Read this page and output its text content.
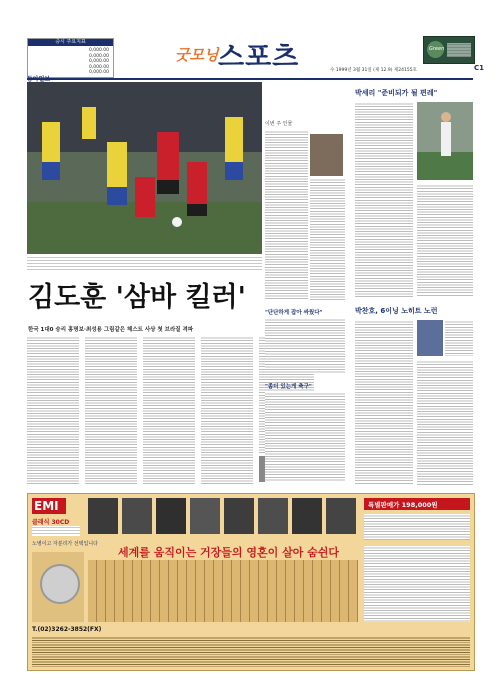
증시 주요지표
0,000.00
0,000.00
0,000.00
0,000.00
0,000.00
굿모닝 스포츠	Green
수 1999년 3월 31일 (제 12.9) 제24155호	C1
김도훈 '삼바 킬러'
한국 1대0 승리 홍명보·최성용 그림같은 헤스트 사상 첫 브라질 격파
이번 주 인물
"단단하게 잡아 싸웠다"
"좀더 있는게 축구"
박세리 "준비되가 될 편레"
박찬호, 6이닝 노히트 노런
EMI
클래식 30CD
특별판매가 198,000원
노병이고 자분리가 선택입니다
세계를 움직이는 거장들의 영혼이 살아 숨쉰다
T.(02)3262-3852(FX)
